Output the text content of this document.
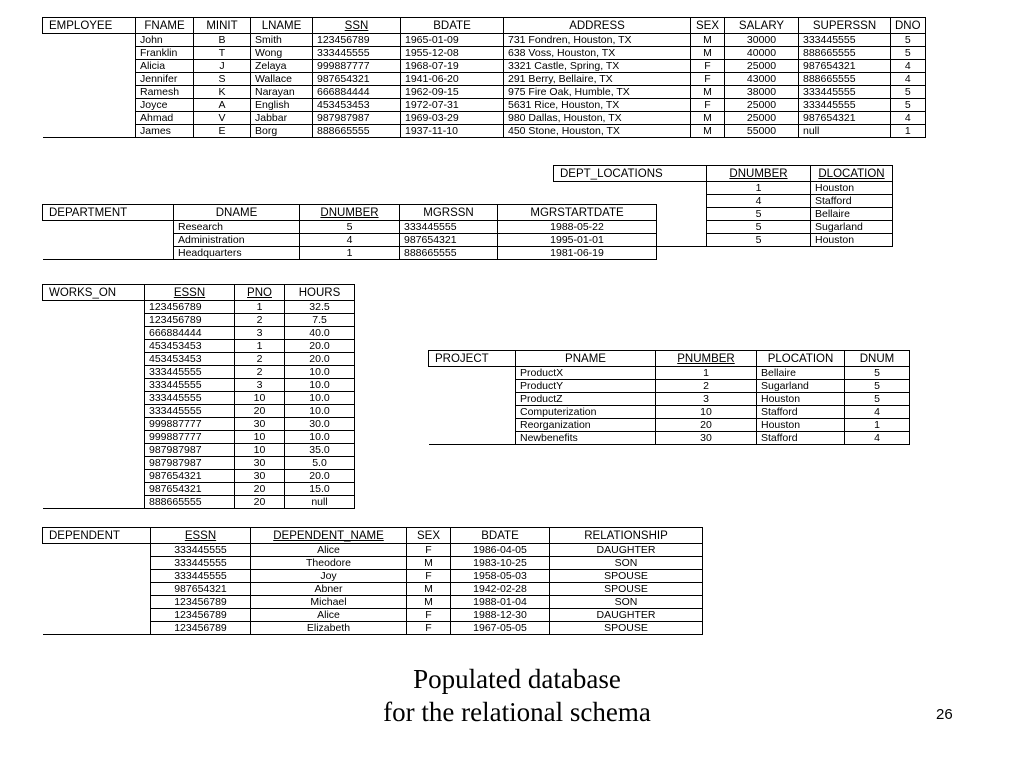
EMPLOYEE	FNAME	MINIT	LNAME	SSN	BDATE	ADDRESS	SEX	SALARY	SUPERSSN	DNO
	John	B	Smith	123456789	1965-01-09	731 Fondren, Houston, TX	M	30000	333445555	5
	Franklin	T	Wong	333445555	1955-12-08	638 Voss, Houston, TX	M	40000	888665555	5
	Alicia	J	Zelaya	999887777	1968-07-19	3321 Castle, Spring, TX	F	25000	987654321	4
	Jennifer	S	Wallace	987654321	1941-06-20	291 Berry, Bellaire, TX	F	43000	888665555	4
	Ramesh	K	Narayan	666884444	1962-09-15	975 Fire Oak, Humble, TX	M	38000	333445555	5
	Joyce	A	English	453453453	1972-07-31	5631 Rice, Houston, TX	F	25000	333445555	5
	Ahmad	V	Jabbar	987987987	1969-03-29	980 Dallas, Houston, TX	M	25000	987654321	4
	James	E	Borg	888665555	1937-11-10	450 Stone, Houston, TX	M	55000	null	1
DEPT_LOCATIONS	DNUMBER	DLOCATION
	1	Houston
	4	Stafford
	5	Bellaire
	5	Sugarland
	5	Houston
DEPARTMENT	DNAME	DNUMBER	MGRSSN	MGRSTARTDATE
	Research	5	333445555	1988-05-22
	Administration	4	987654321	1995-01-01
	Headquarters	1	888665555	1981-06-19
WORKS_ON	ESSN	PNO	HOURS
	123456789	1	32.5
	123456789	2	7.5
	666884444	3	40.0
	453453453	1	20.0
	453453453	2	20.0
	333445555	2	10.0
	333445555	3	10.0
	333445555	10	10.0
	333445555	20	10.0
	999887777	30	30.0
	999887777	10	10.0
	987987987	10	35.0
	987987987	30	5.0
	987654321	30	20.0
	987654321	20	15.0
	888665555	20	null
PROJECT	PNAME	PNUMBER	PLOCATION	DNUM
	ProductX	1	Bellaire	5
	ProductY	2	Sugarland	5
	ProductZ	3	Houston	5
	Computerization	10	Stafford	4
	Reorganization	20	Houston	1
	Newbenefits	30	Stafford	4
DEPENDENT	ESSN	DEPENDENT_NAME	SEX	BDATE	RELATIONSHIP
	333445555	Alice	F	1986-04-05	DAUGHTER
	333445555	Theodore	M	1983-10-25	SON
	333445555	Joy	F	1958-05-03	SPOUSE
	987654321	Abner	M	1942-02-28	SPOUSE
	123456789	Michael	M	1988-01-04	SON
	123456789	Alice	F	1988-12-30	DAUGHTER
	123456789	Elizabeth	F	1967-05-05	SPOUSE
Populated database
for the relational schema	26
